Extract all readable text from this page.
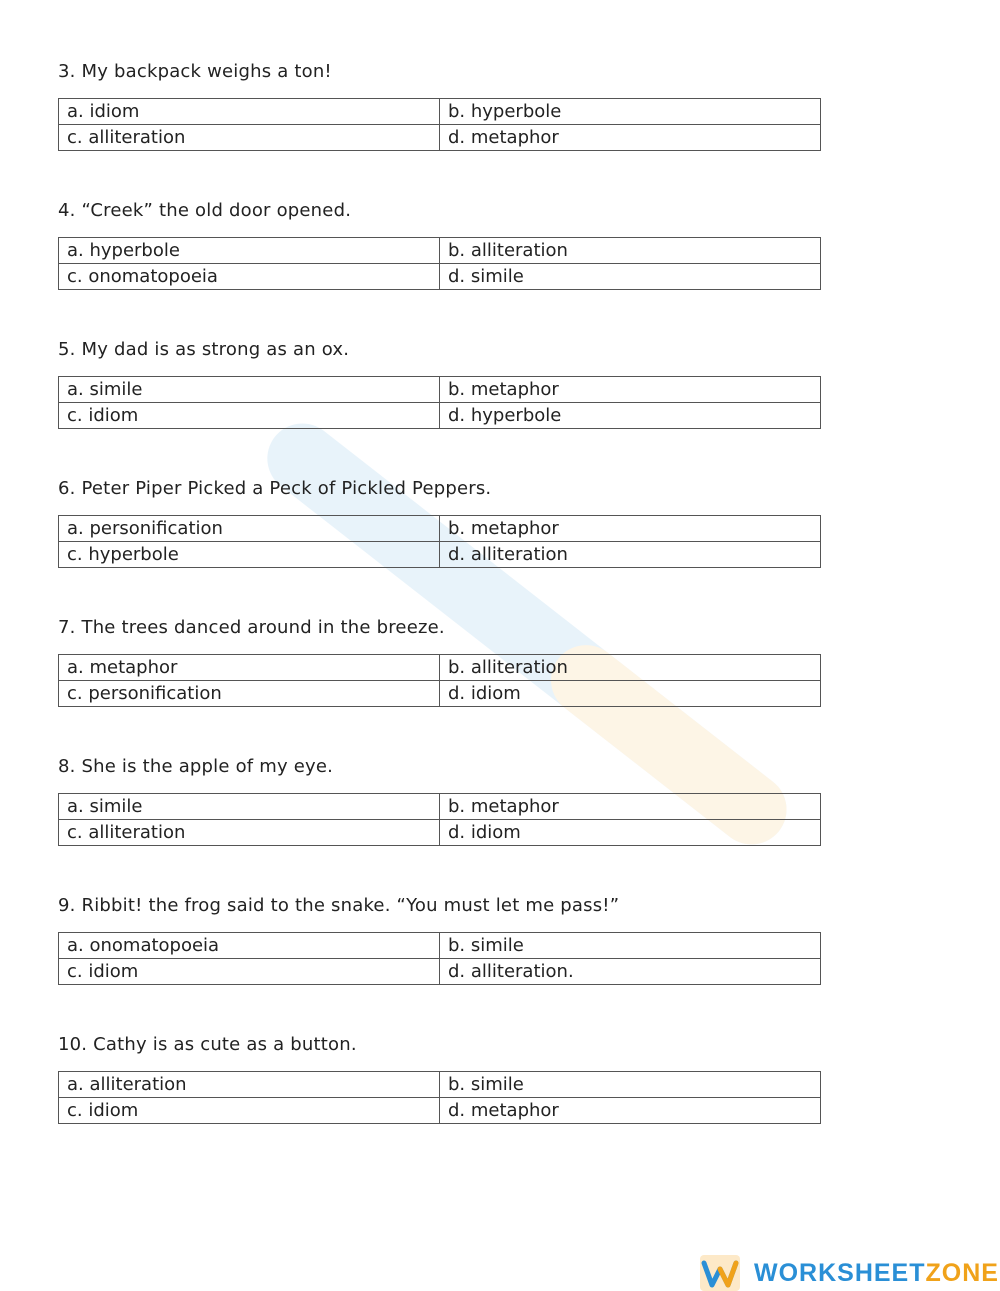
3. My backpack weighs a ton!
a. idiom	b. hyperbole
c. alliteration	d. metaphor
4. “Creek” the old door opened.
a. hyperbole	b. alliteration
c. onomatopoeia	d. simile
5. My dad is as strong as an ox.
a. simile	b. metaphor
c. idiom	d. hyperbole
6. Peter Piper Picked a Peck of Pickled Peppers.
a. personification	b. metaphor
c. hyperbole	d. alliteration
7. The trees danced around in the breeze.
a. metaphor	b. alliteration
c. personification	d. idiom
8. She is the apple of my eye.
a. simile	b. metaphor
c. alliteration	d. idiom
9. Ribbit! the frog said to the snake. “You must let me pass!”
a. onomatopoeia	b. simile
c. idiom	d. alliteration.
10. Cathy is as cute as a button.
a. alliteration	b. simile
c. idiom	d. metaphor
WORKSHEETZONE
